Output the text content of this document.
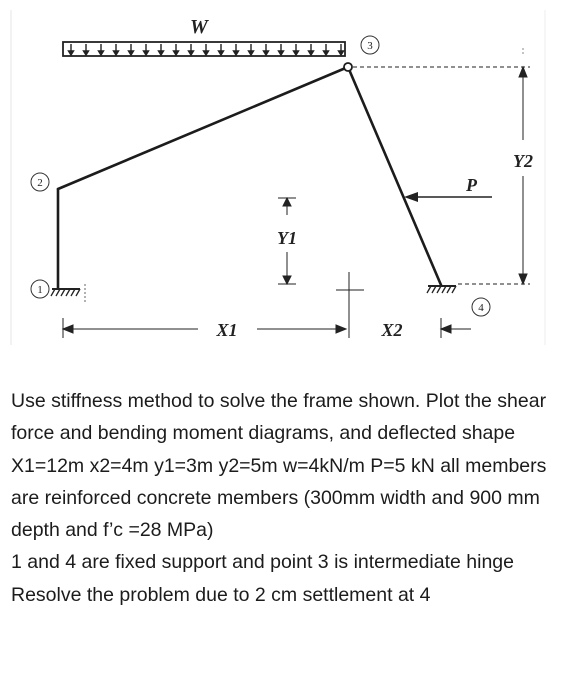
W
1
2
3
4
P
Y1
Y2
X1	X2

Use stiffness method to solve the frame shown. Plot the shear force and bending moment diagrams, and deflected shape

X1=12m x2=4m y1=3m y2=5m w=4kN/m P=5 kN all members are reinforced concrete members (300mm width and 900 mm depth and f’c =28 MPa)

1 and 4 are fixed support and point 3 is intermediate hinge

Resolve the problem due to 2 cm settlement at 4
